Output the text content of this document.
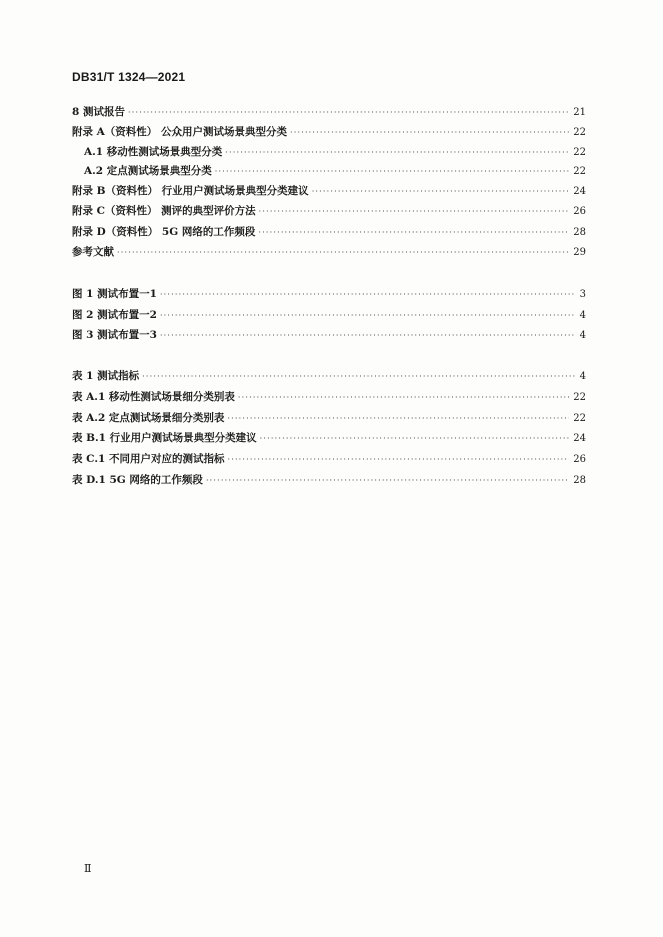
DB31/T 1324—2021
8 测试报告 ·····	21
附录 A（资料性） 公众用户测试场景典型分类 ·····	22
A.1 移动性测试场景典型分类 ·····	22
A.2 定点测试场景典型分类 ·····	22
附录 B（资料性） 行业用户测试场景典型分类建议 ·····	24
附录 C（资料性） 测评的典型评价方法 ·····	26
附录 D（资料性） 5G 网络的工作频段 ·····	28
参考文献 ·····	29
图 1 测试布置一1 ·····	3
图 2 测试布置一2 ·····	4
图 3 测试布置一3 ·····	4
表 1 测试指标 ·····	4
表 A.1 移动性测试场景细分类别表 ·····	22
表 A.2 定点测试场景细分类别表 ·····	22
表 B.1 行业用户测试场景典型分类建议 ·····	24
表 C.1 不同用户对应的测试指标 ·····	26
表 D.1 5G 网络的工作频段 ·····	28
Ⅱ
